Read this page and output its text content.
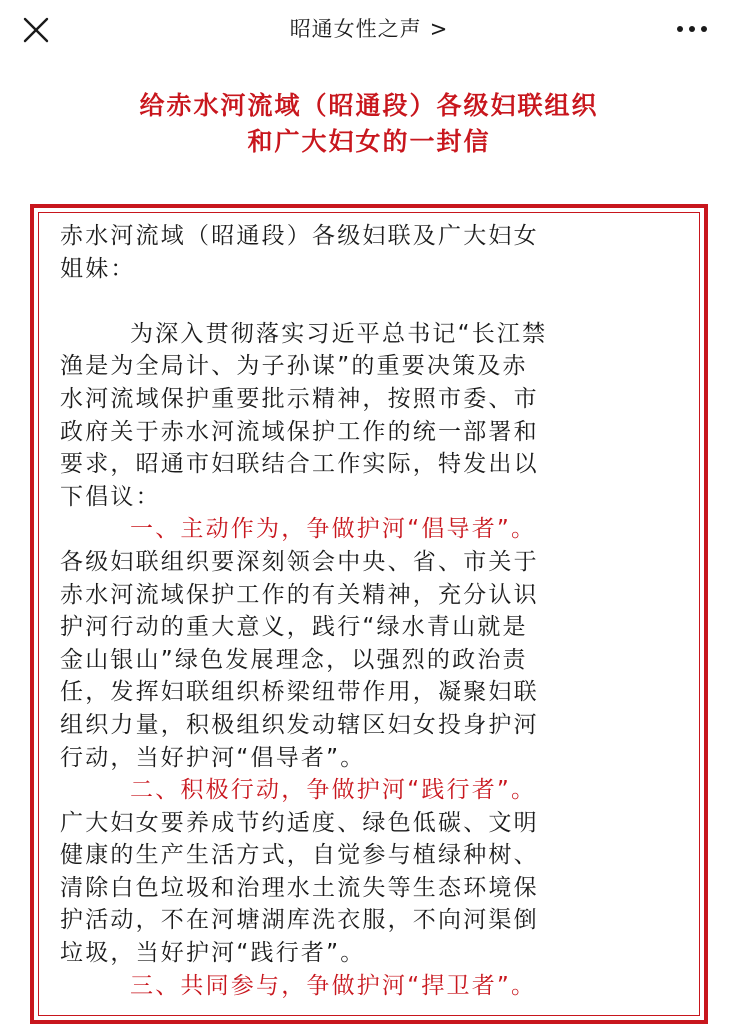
昭通女性之声 >
给赤水河流域（昭通段）各级妇联组织
和广大妇女的一封信
赤水河流域（昭通段）各级妇联及广大妇女
姐妹：
为深入贯彻落实习近平总书记“长江禁
渔是为全局计、为子孙谋”的重要决策及赤
水河流域保护重要批示精神，按照市委、市
政府关于赤水河流域保护工作的统一部署和
要求，昭通市妇联结合工作实际，特发出以
下倡议：
一、主动作为，争做护河“倡导者”。
各级妇联组织要深刻领会中央、省、市关于
赤水河流域保护工作的有关精神，充分认识
护河行动的重大意义，践行“绿水青山就是
金山银山”绿色发展理念，以强烈的政治责
任，发挥妇联组织桥梁纽带作用，凝聚妇联
组织力量，积极组织发动辖区妇女投身护河
行动，当好护河“倡导者”。
二、积极行动，争做护河“践行者”。
广大妇女要养成节约适度、绿色低碳、文明
健康的生产生活方式，自觉参与植绿种树、
清除白色垃圾和治理水土流失等生态环境保
护活动，不在河塘湖库洗衣服，不向河渠倒
垃圾，当好护河“践行者”。
三、共同参与，争做护河“捍卫者”。
